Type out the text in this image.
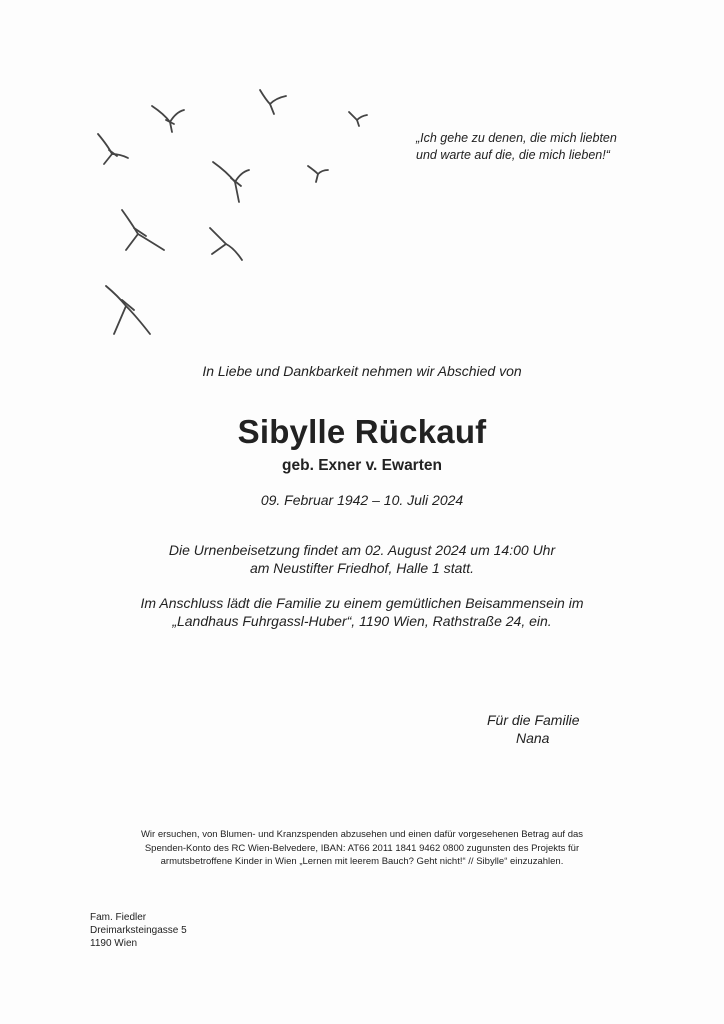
„Ich gehe zu denen, die mich liebten
und warte auf die, die mich lieben!“
In Liebe und Dankbarkeit nehmen wir Abschied von
Sibylle Rückauf
geb. Exner v. Ewarten
09. Februar 1942 – 10. Juli 2024
Die Urnenbeisetzung findet am 02. August 2024 um 14:00 Uhr
am Neustifter Friedhof, Halle 1 statt.
Im Anschluss lädt die Familie zu einem gemütlichen Beisammensein im
„Landhaus Fuhrgassl-Huber“, 1190 Wien, Rathstraße 24, ein.
Für die Familie
Nana
Wir ersuchen, von Blumen- und Kranzspenden abzusehen und einen dafür vorgesehenen Betrag auf das
Spenden-Konto des RC Wien-Belvedere, IBAN: AT66 2011 1841 9462 0800 zugunsten des Projekts für
armutsbetroffene Kinder in Wien „Lernen mit leerem Bauch? Geht nicht!“ // Sibylle“ einzuzahlen.
Fam. Fiedler
Dreimarksteingasse 5
1190 Wien
